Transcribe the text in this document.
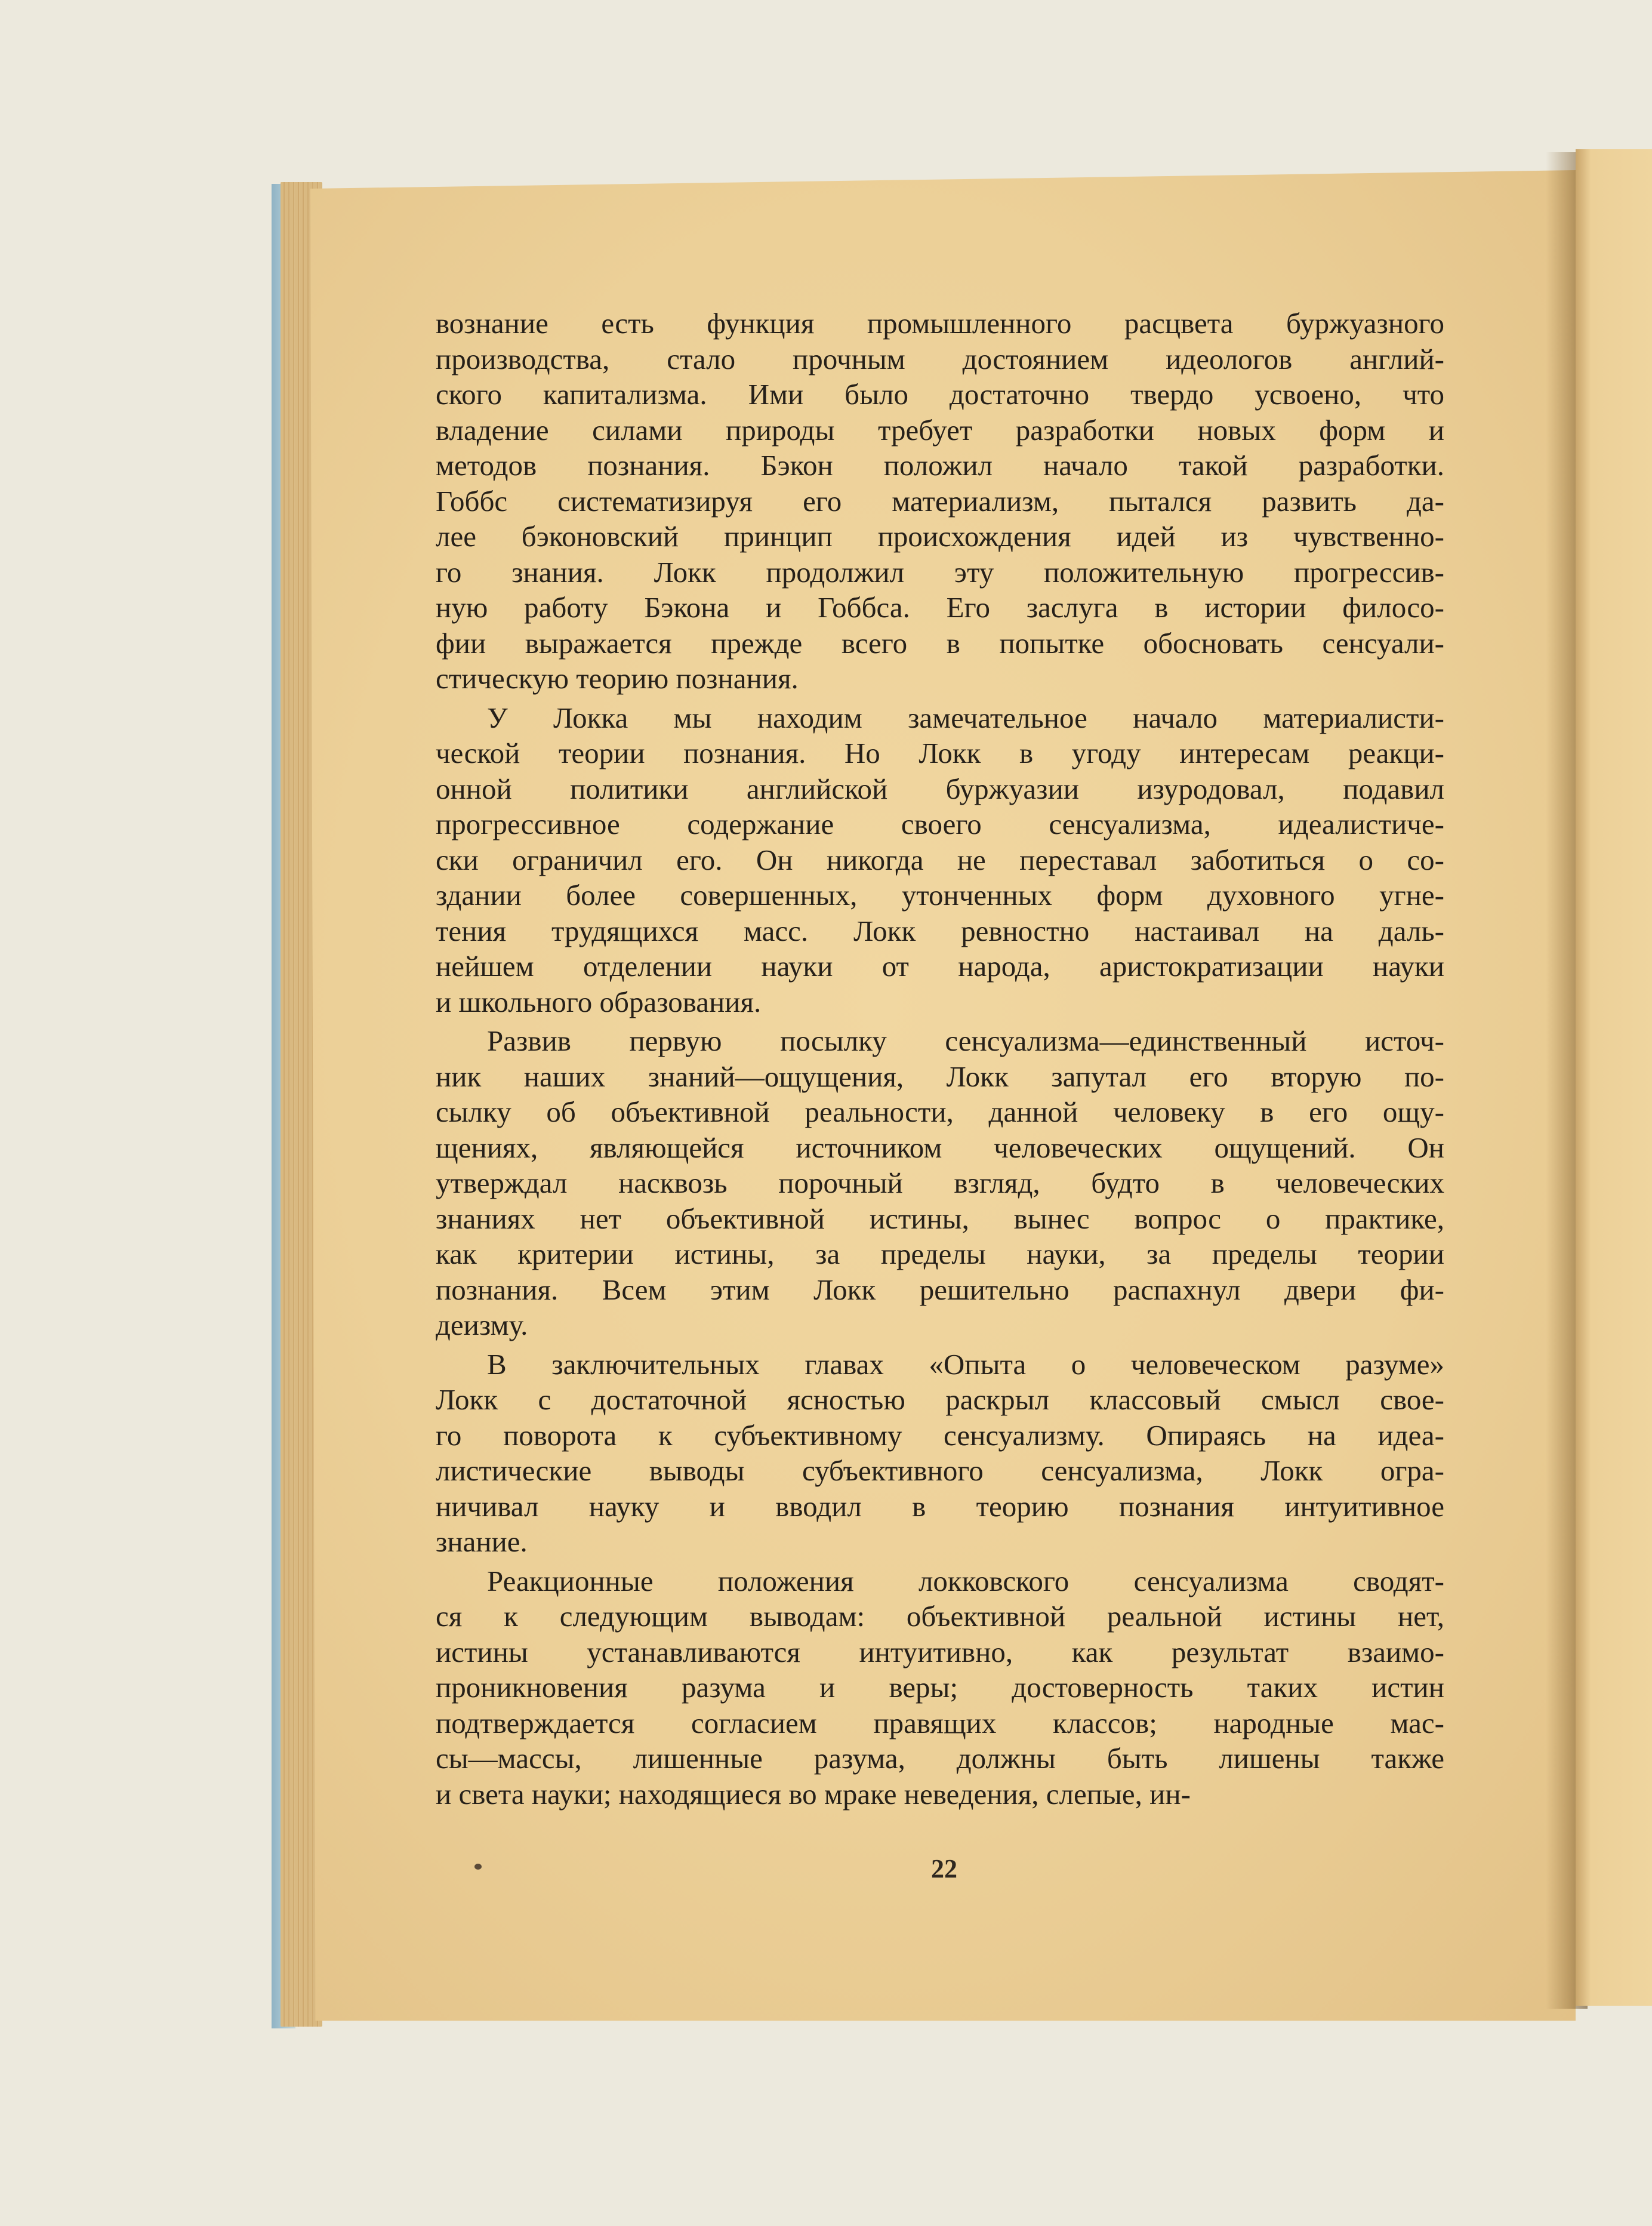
вознание есть функция промышленного расцвета буржуазного
производства, стало прочным достоянием идеологов англий-
ского капитализма. Ими было достаточно твердо усвоено, что
владение силами природы требует разработки новых форм и
методов познания. Бэкон положил начало такой разработки.
Гоббс систематизируя его материализм, пытался развить да-
лее бэконовский принцип происхождения идей из чувственно-
го знания. Локк продолжил эту положительную прогрессив-
ную работу Бэкона и Гоббса. Его заслуга в истории филосо-
фии выражается прежде всего в попытке обосновать сенсуали-
стическую теорию познания.

У Локка мы находим замечательное начало материалисти-
ческой теории познания. Но Локк в угоду интересам реакци-
онной политики английской буржуазии изуродовал, подавил
прогрессивное содержание своего сенсуализма, идеалистиче-
ски ограничил его. Он никогда не переставал заботиться о со-
здании более совершенных, утонченных форм духовного угне-
тения трудящихся масс. Локк ревностно настаивал на даль-
нейшем отделении науки от народа, аристократизации науки
и школьного образования.

Развив первую посылку сенсуализма—единственный источ-
ник наших знаний—ощущения, Локк запутал его вторую по-
сылку об объективной реальности, данной человеку в его ощу-
щениях, являющейся источником человеческих ощущений. Он
утверждал насквозь порочный взгляд, будто в человеческих
знаниях нет объективной истины, вынес вопрос о практике,
как критерии истины, за пределы науки, за пределы теории
познания. Всем этим Локк решительно распахнул двери фи-
деизму.

В заключительных главах «Опыта о человеческом разуме»
Локк с достаточной ясностью раскрыл классовый смысл свое-
го поворота к субъективному сенсуализму. Опираясь на идеа-
листические выводы субъективного сенсуализма, Локк огра-
ничивал науку и вводил в теорию познания интуитивное
знание.

Реакционные положения локковского сенсуализма сводят-
ся к следующим выводам: объективной реальной истины нет,
истины устанавливаются интуитивно, как результат взаимо-
проникновения разума и веры; достоверность таких истин
подтверждается согласием правящих классов; народные мас-
сы—массы, лишенные разума, должны быть лишены также
и света науки; находящиеся во мраке неведения, слепые, ин-

22
